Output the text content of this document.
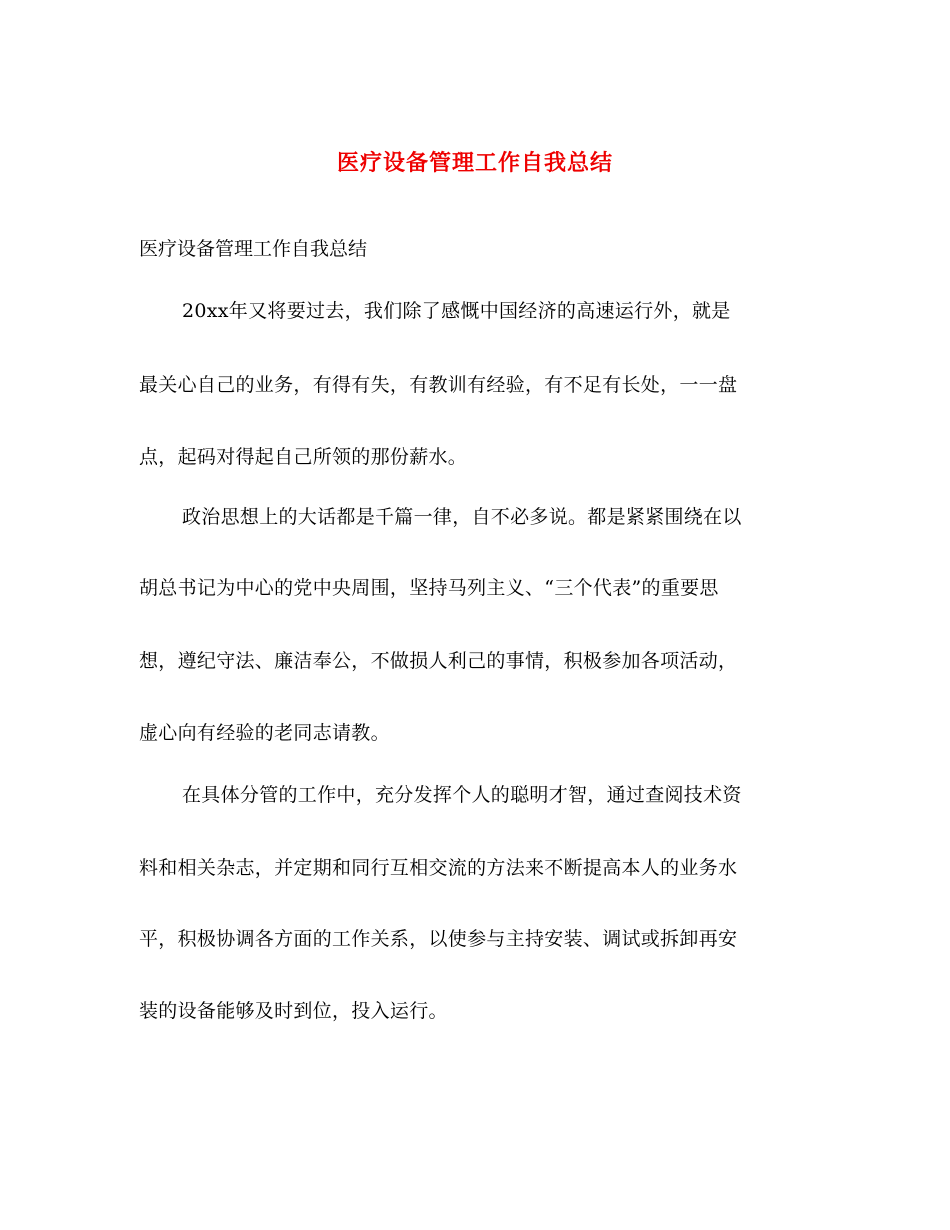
医疗设备管理工作自我总结
医疗设备管理工作自我总结
20xx年又将要过去，我们除了感慨中国经济的高速运行外，就是
最关心自己的业务，有得有失，有教训有经验，有不足有长处，一一盘
点，起码对得起自己所领的那份薪水。
政治思想上的大话都是千篇一律，自不必多说。都是紧紧围绕在以
胡总书记为中心的党中央周围，坚持马列主义、“三个代表”的重要思
想，遵纪守法、廉洁奉公，不做损人利己的事情，积极参加各项活动，
虚心向有经验的老同志请教。
在具体分管的工作中，充分发挥个人的聪明才智，通过查阅技术资
料和相关杂志，并定期和同行互相交流的方法来不断提高本人的业务水
平，积极协调各方面的工作关系，以使参与主持安装、调试或拆卸再安
装的设备能够及时到位，投入运行。
